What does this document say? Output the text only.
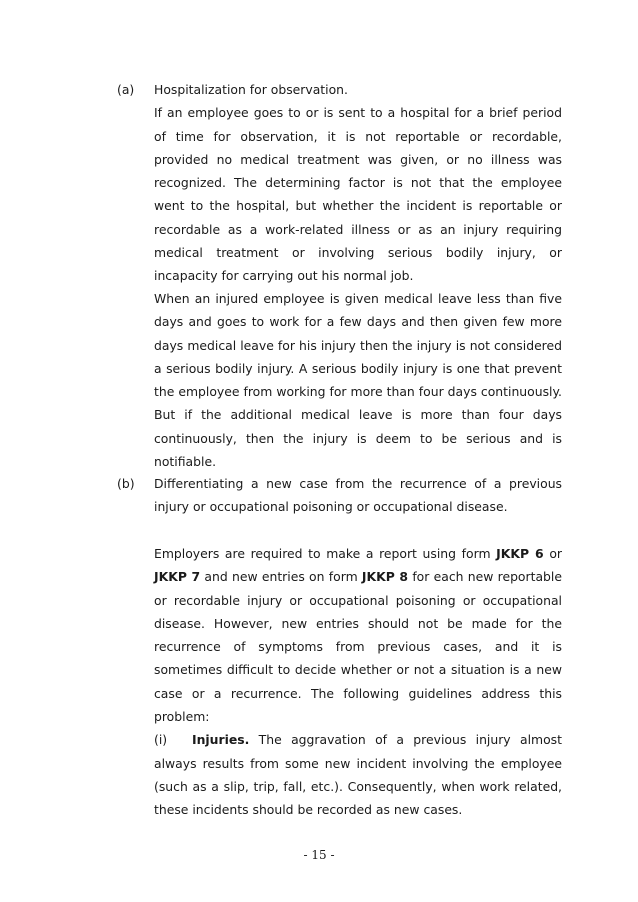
(a) Hospitalization for observation.

If an employee goes to or is sent to a hospital for a brief period of time for observation, it is not reportable or recordable, provided no medical treatment was given, or no illness was recognized. The determining factor is not that the employee went to the hospital, but whether the incident is reportable or recordable as a work-related illness or as an injury requiring medical treatment or involving serious bodily injury, or incapacity for carrying out his normal job.

When an injured employee is given medical leave less than five days and goes to work for a few days and then given few more days medical leave for his injury then the injury is not considered a serious bodily injury. A serious bodily injury is one that prevent the employee from working for more than four days continuously. But if the additional medical leave is more than four days continuously, then the injury is deem to be serious and is notifiable.

(b) Differentiating a new case from the recurrence of a previous injury or occupational poisoning or occupational disease.

Employers are required to make a report using form JKKP 6 or JKKP 7 and new entries on form JKKP 8 for each new reportable or recordable injury or occupational poisoning or occupational disease. However, new entries should not be made for the recurrence of symptoms from previous cases, and it is sometimes difficult to decide whether or not a situation is a new case or a recurrence. The following guidelines address this problem:

(i) Injuries. The aggravation of a previous injury almost always results from some new incident involving the employee (such as a slip, trip, fall, etc.). Consequently, when work related, these incidents should be recorded as new cases.

- 15 -
